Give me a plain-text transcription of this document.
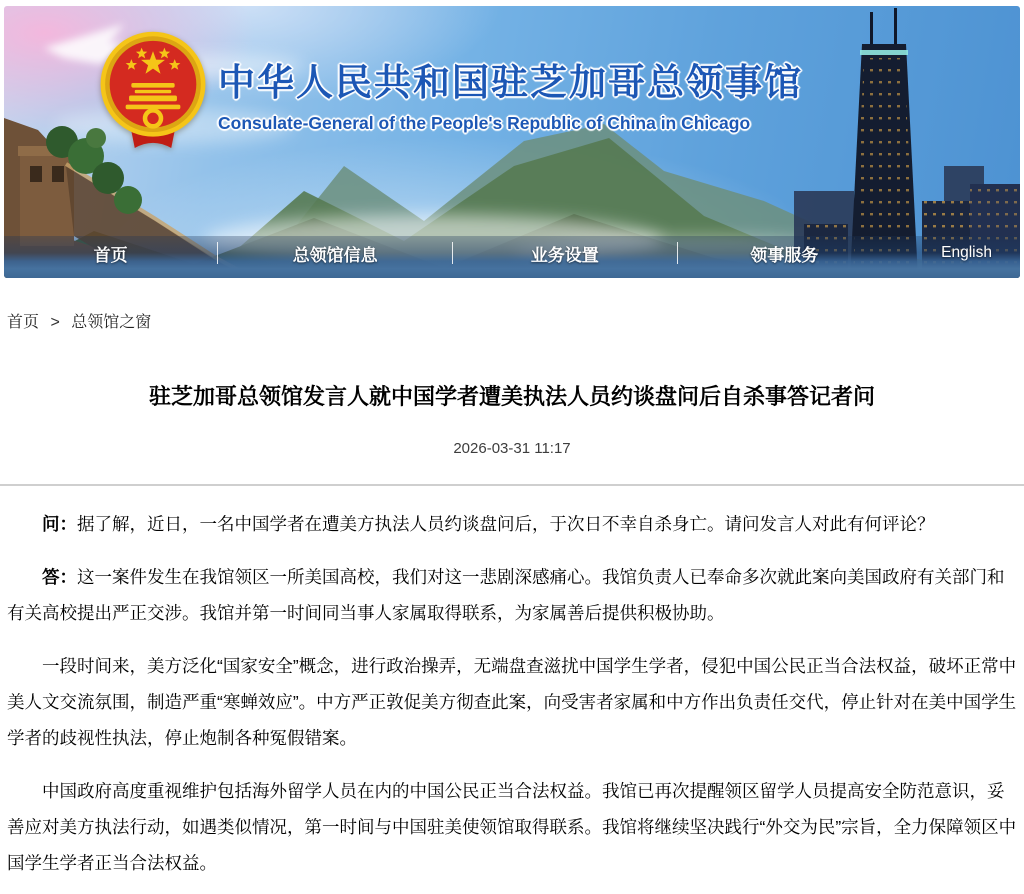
中华人民共和国驻芝加哥总领事馆
Consulate-General of the People's Republic of China in Chicago
首页	总领馆信息	业务设置	领事服务	English
首页 > 总领馆之窗
驻芝加哥总领馆发言人就中国学者遭美执法人员约谈盘问后自杀事答记者问
2026-03-31 11:17

问：据了解，近日，一名中国学者在遭美方执法人员约谈盘问后，于次日不幸自杀身亡。请问发言人对此有何评论？

答：这一案件发生在我馆领区一所美国高校，我们对这一悲剧深感痛心。我馆负责人已奉命多次就此案向美国政府有关部门和有关高校提出严正交涉。我馆并第一时间同当事人家属取得联系，为家属善后提供积极协助。

一段时间来，美方泛化“国家安全”概念，进行政治操弄，无端盘查滋扰中国学生学者，侵犯中国公民正当合法权益，破坏正常中美人文交流氛围，制造严重“寒蝉效应”。中方严正敦促美方彻查此案，向受害者家属和中方作出负责任交代，停止针对在美中国学生学者的歧视性执法，停止炮制各种冤假错案。

中国政府高度重视维护包括海外留学人员在内的中国公民正当合法权益。我馆已再次提醒领区留学人员提高安全防范意识，妥善应对美方执法行动，如遇类似情况，第一时间与中国驻美使领馆取得联系。我馆将继续坚决践行“外交为民”宗旨，全力保障领区中国学生学者正当合法权益。
